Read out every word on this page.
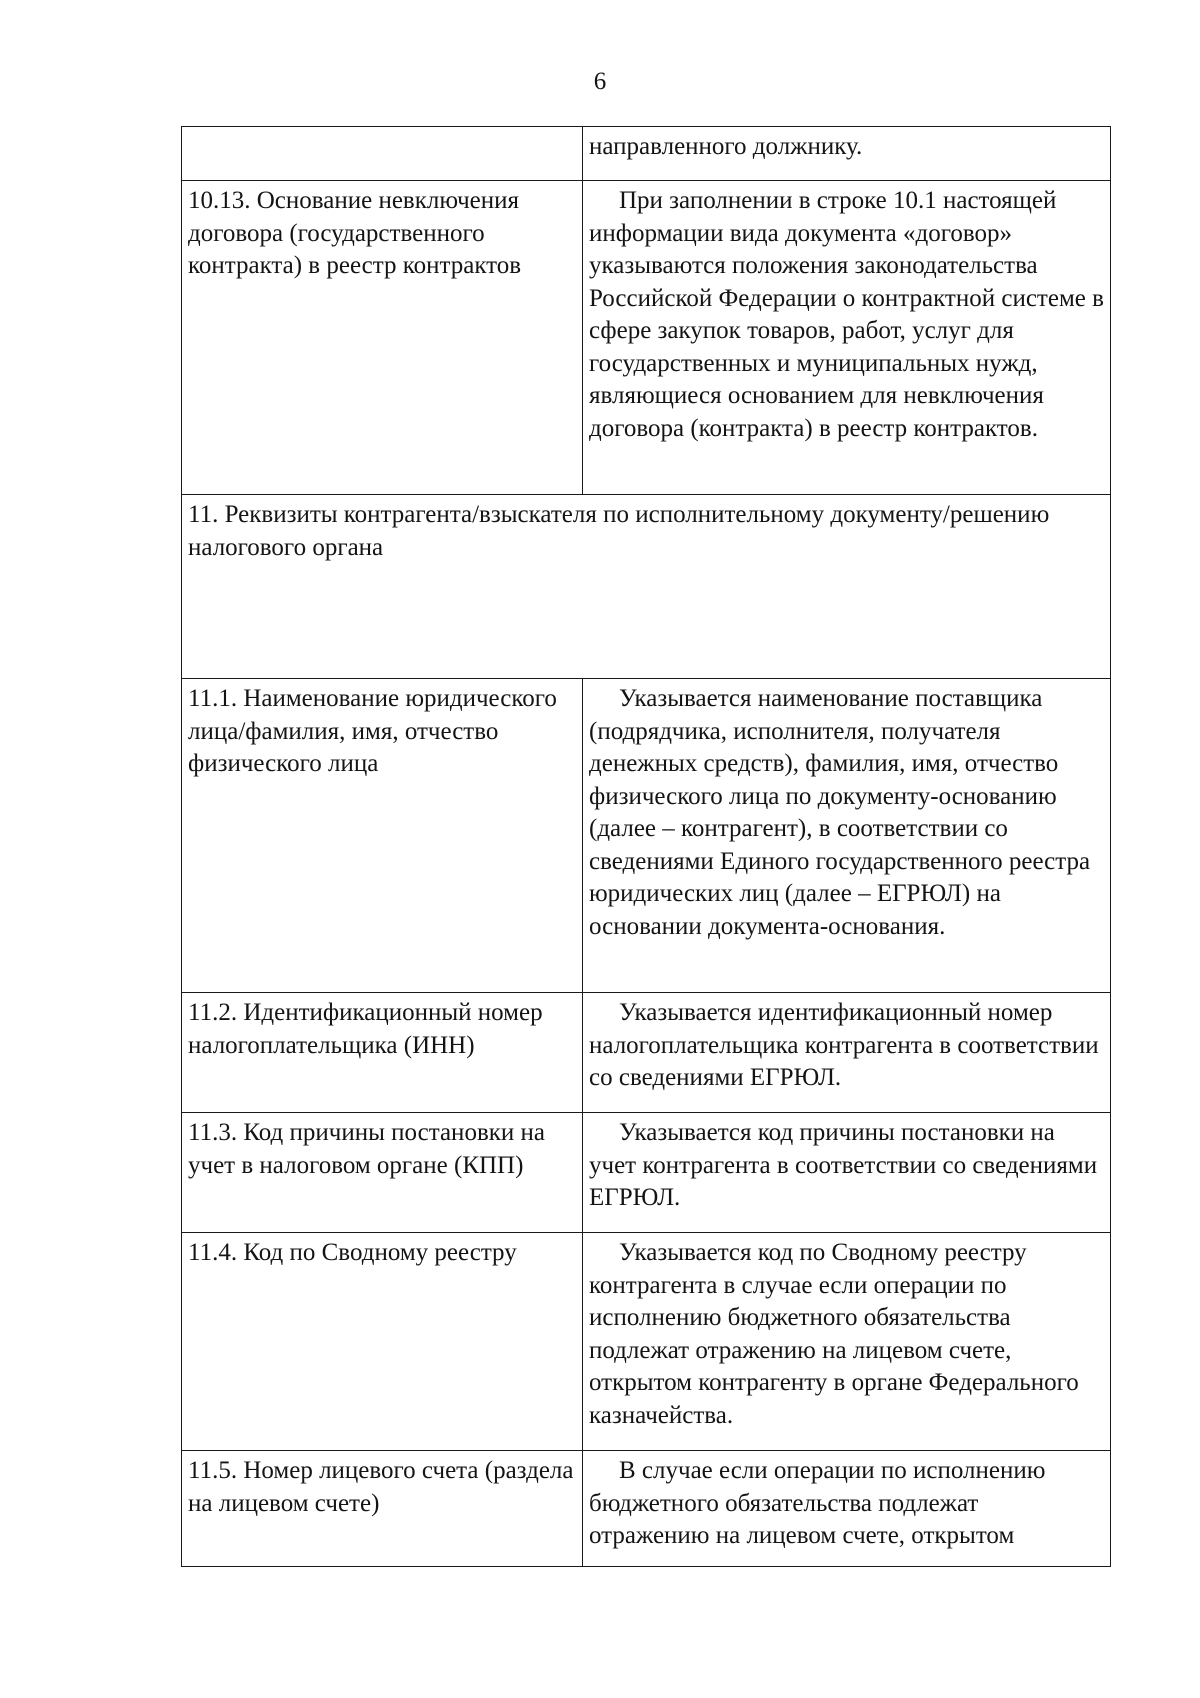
6
	направленного должнику.
10.13. Основание невключения договора (государственного контракта) в реестр контрактов	При заполнении в строке 10.1 настоящей информации вида документа «договор» указываются положения законодательства Российской Федерации о контрактной системе в сфере закупок товаров, работ, услуг для государственных и муниципальных нужд, являющиеся основанием для невключения договора (контракта) в реестр контрактов.
11. Реквизиты контрагента/взыскателя по исполнительному документу/решению налогового органа	
11.1. Наименование юридического лица/фамилия, имя, отчество физического лица	Указывается наименование поставщика (подрядчика, исполнителя, получателя денежных средств), фамилия, имя, отчество физического лица по документу-основанию (далее – контрагент), в соответствии со сведениями Единого государственного реестра юридических лиц (далее – ЕГРЮЛ) на основании документа-основания.
11.2. Идентификационный номер налогоплательщика (ИНН)	Указывается идентификационный номер налогоплательщика контрагента в соответствии со сведениями ЕГРЮЛ.
11.3. Код причины постановки на учет в налоговом органе (КПП)	Указывается код причины постановки на учет контрагента в соответствии со сведениями ЕГРЮЛ.
11.4. Код по Сводному реестру	Указывается код по Сводному реестру контрагента в случае если операции по исполнению бюджетного обязательства подлежат отражению на лицевом счете, открытом контрагенту в органе Федерального казначейства.
11.5. Номер лицевого счета (раздела на лицевом счете)	В случае если операции по исполнению бюджетного обязательства подлежат отражению на лицевом счете, открытом
